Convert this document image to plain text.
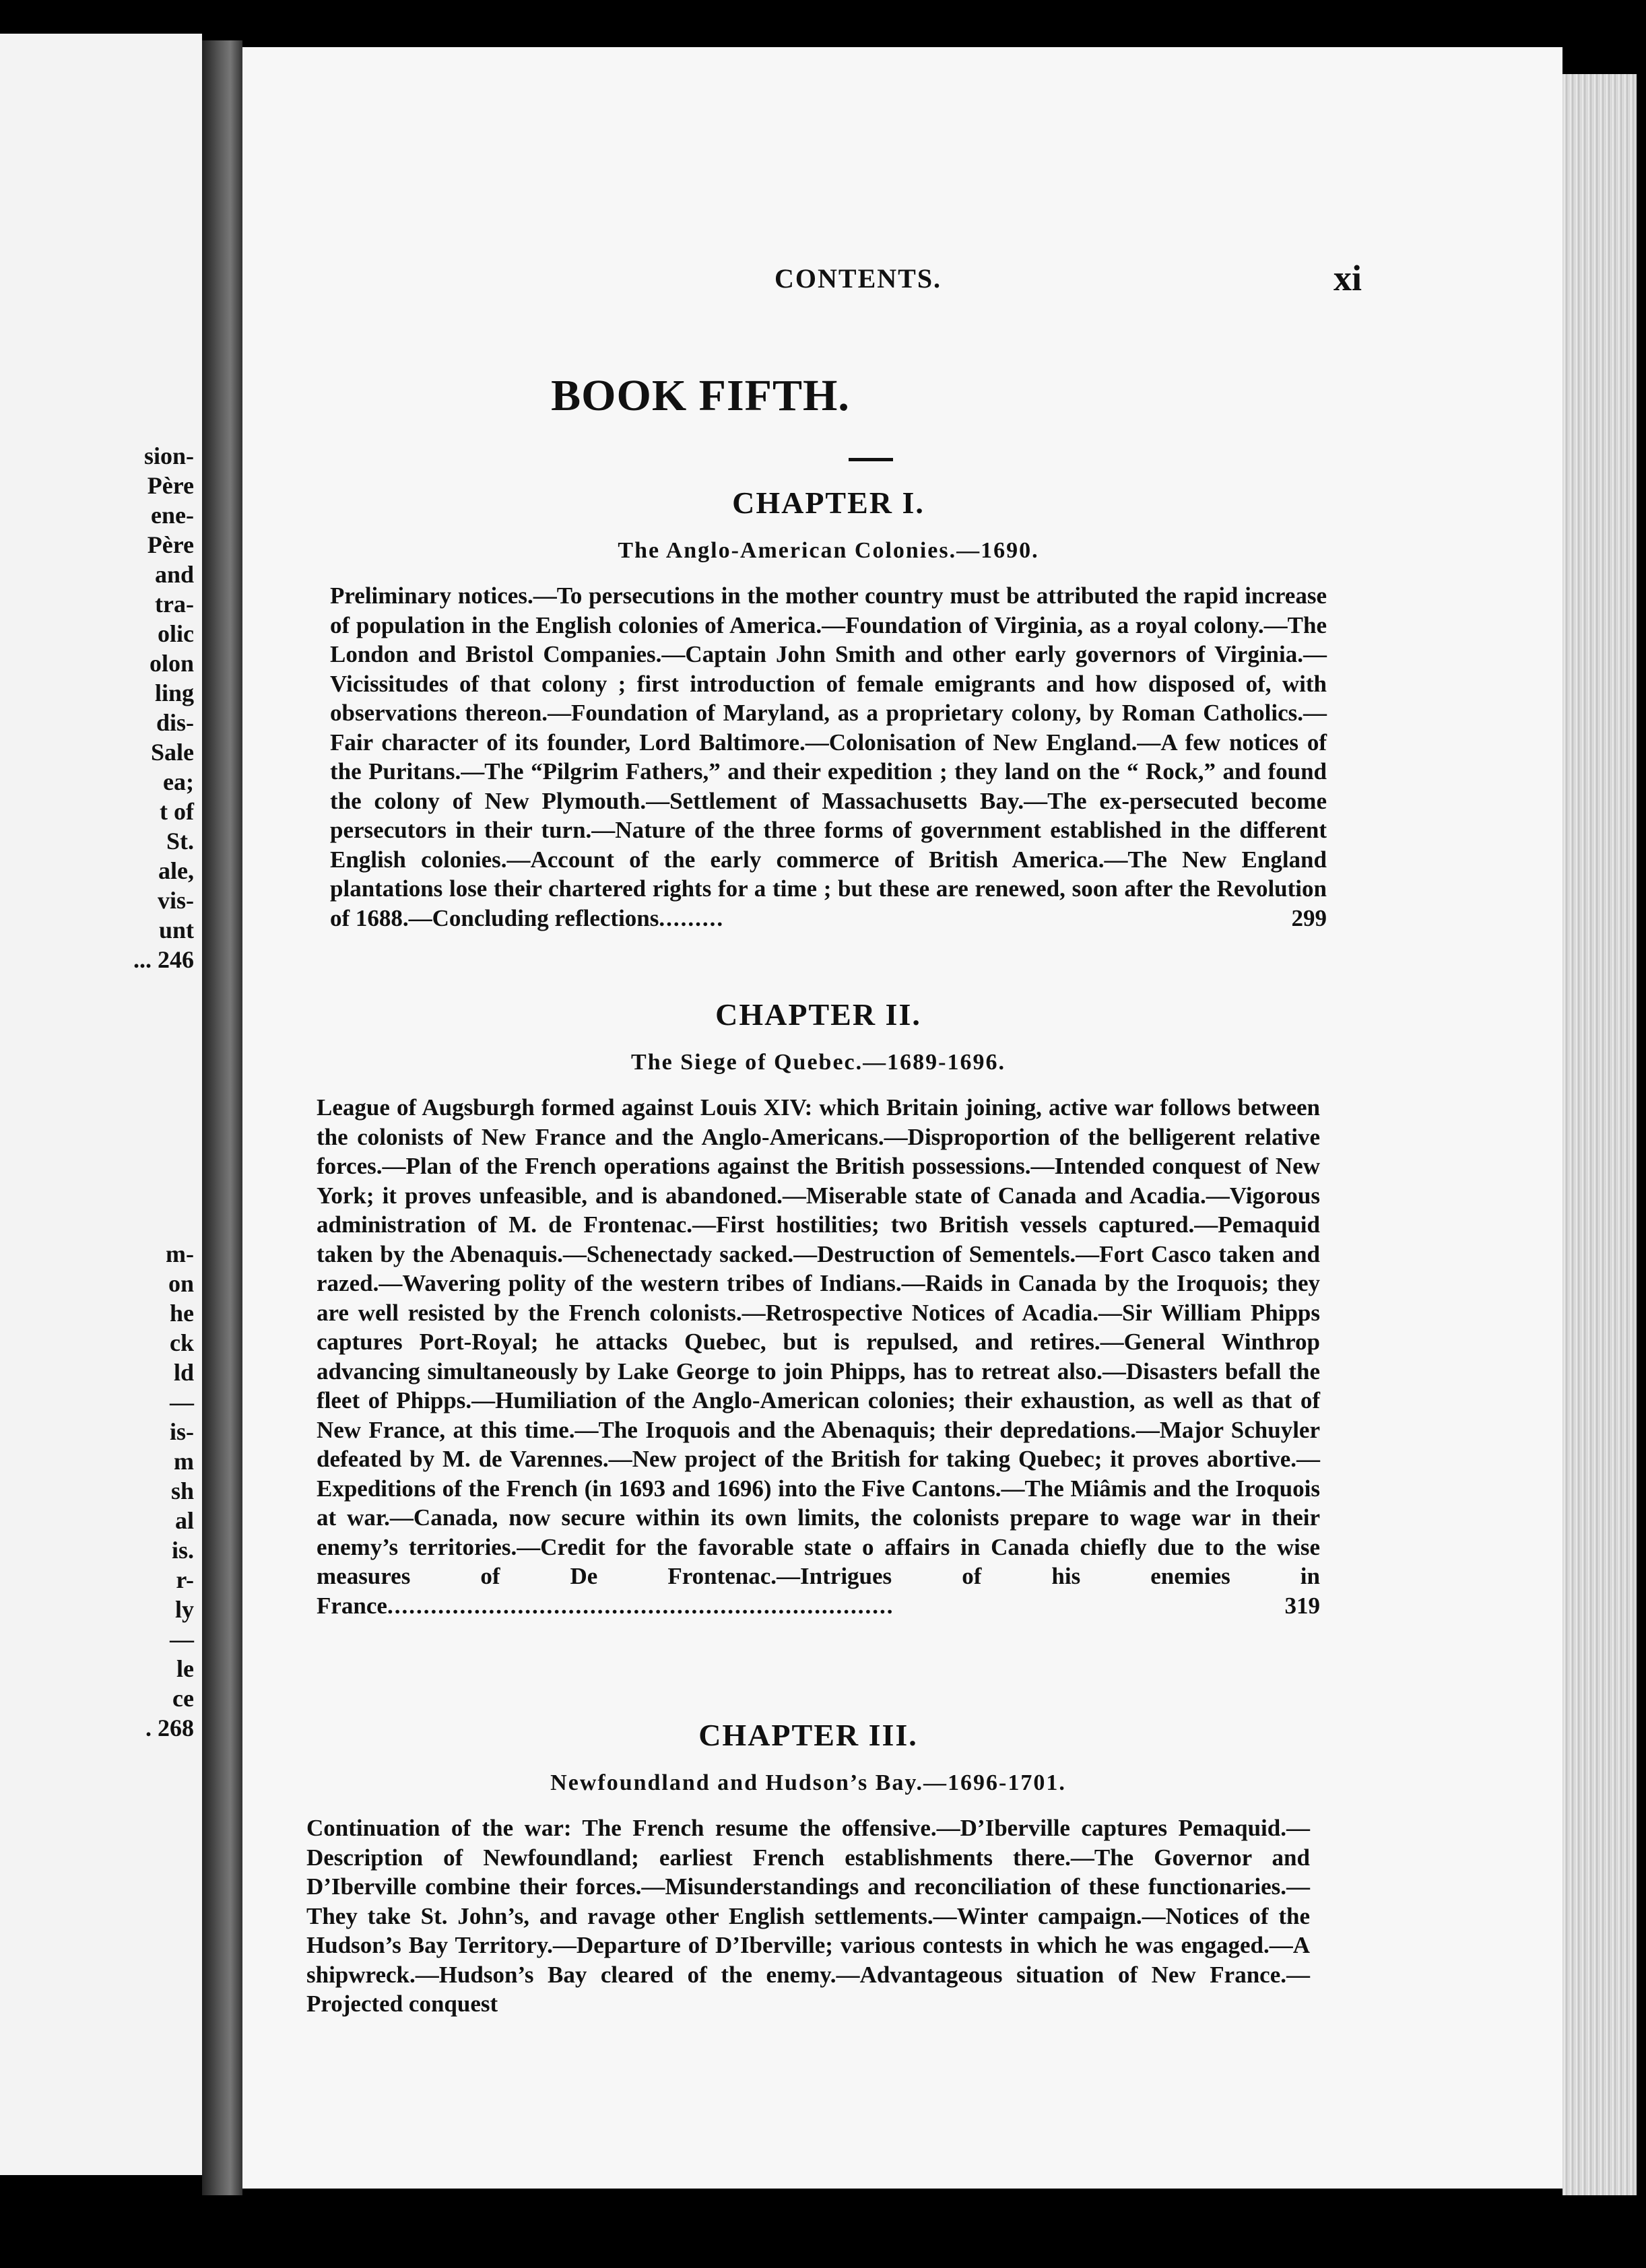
sion-
Père
ene-
Père
and
tra-
olic
olon
ling
dis-
Sale
ea;
t of
St.
ale,
vis-
unt
... 246
m-
on
he
ck
ld
—
is-
m
sh
al
is.
r-
ly
—
le
ce
. 268
CONTENTS.	xi
BOOK FIFTH.
CHAPTER I.
The Anglo-American Colonies.—1690.
Preliminary notices.—To persecutions in the mother country must be attributed the rapid increase of population in the English colonies of America.—Foundation of Virginia, as a royal colony.—The London and Bristol Companies.—Captain John Smith and other early governors of Virginia.—Vicissitudes of that colony ; first introduction of female emigrants and how disposed of, with observations thereon.—Foundation of Maryland, as a proprietary colony, by Roman Catholics.—Fair character of its founder, Lord Baltimore.—Colonisation of New England.—A few notices of the Puritans.—The “Pilgrim Fathers,” and their expedition ; they land on the “ Rock,” and found the colony of New Plymouth.—Settlement of Massachusetts Bay.—The ex-persecuted become persecutors in their turn.—Nature of the three forms of government established in the different English colonies.—Account of the early commerce of British America.—The New England plantations lose their chartered rights for a time ; but these are renewed, soon after the Revolution of 1688.—Concluding reflections.........	299
CHAPTER II.
The Siege of Quebec.—1689-1696.
League of Augsburgh formed against Louis XIV: which Britain joining, active war follows between the colonists of New France and the Anglo-Americans.—Disproportion of the belligerent relative forces.—Plan of the French operations against the British possessions.—Intended conquest of New York; it proves unfeasible, and is abandoned.—Miserable state of Canada and Acadia.—Vigorous administration of M. de Frontenac.—First hostilities; two British vessels captured.—Pemaquid taken by the Abenaquis.—Schenectady sacked.—Destruction of Sementels.—Fort Casco taken and razed.—Wavering polity of the western tribes of Indians.—Raids in Canada by the Iroquois; they are well resisted by the French colonists.—Retrospective Notices of Acadia.—Sir William Phipps captures Port-Royal; he attacks Quebec, but is repulsed, and retires.—General Winthrop advancing simultaneously by Lake George to join Phipps, has to retreat also.—Disasters befall the fleet of Phipps.—Humiliation of the Anglo-American colonies; their exhaustion, as well as that of New France, at this time.—The Iroquois and the Abenaquis; their depredations.—Major Schuyler defeated by M. de Varennes.—New project of the British for taking Quebec; it proves abortive.—Expeditions of the French (in 1693 and 1696) into the Five Cantons.—The Miâmis and the Iroquois at war.—Canada, now secure within its own limits, the colonists prepare to wage war in their enemy’s territories.—Credit for the favorable state o affairs in Canada chiefly due to the wise measures of De Frontenac.—Intrigues of his enemies in France......................................................................	319
CHAPTER III.
Newfoundland and Hudson’s Bay.—1696-1701.
Continuation of the war: The French resume the offensive.—D’Iberville captures Pemaquid.—Description of Newfoundland; earliest French establishments there.—The Governor and D’Iberville combine their forces.—Misunderstandings and reconciliation of these functionaries.—They take St. John’s, and ravage other English settlements.—Winter campaign.—Notices of the Hudson’s Bay Territory.—Departure of D’Iberville; various contests in which he was engaged.—A shipwreck.—Hudson’s Bay cleared of the enemy.—Advantageous situation of New France.—Projected conquest
